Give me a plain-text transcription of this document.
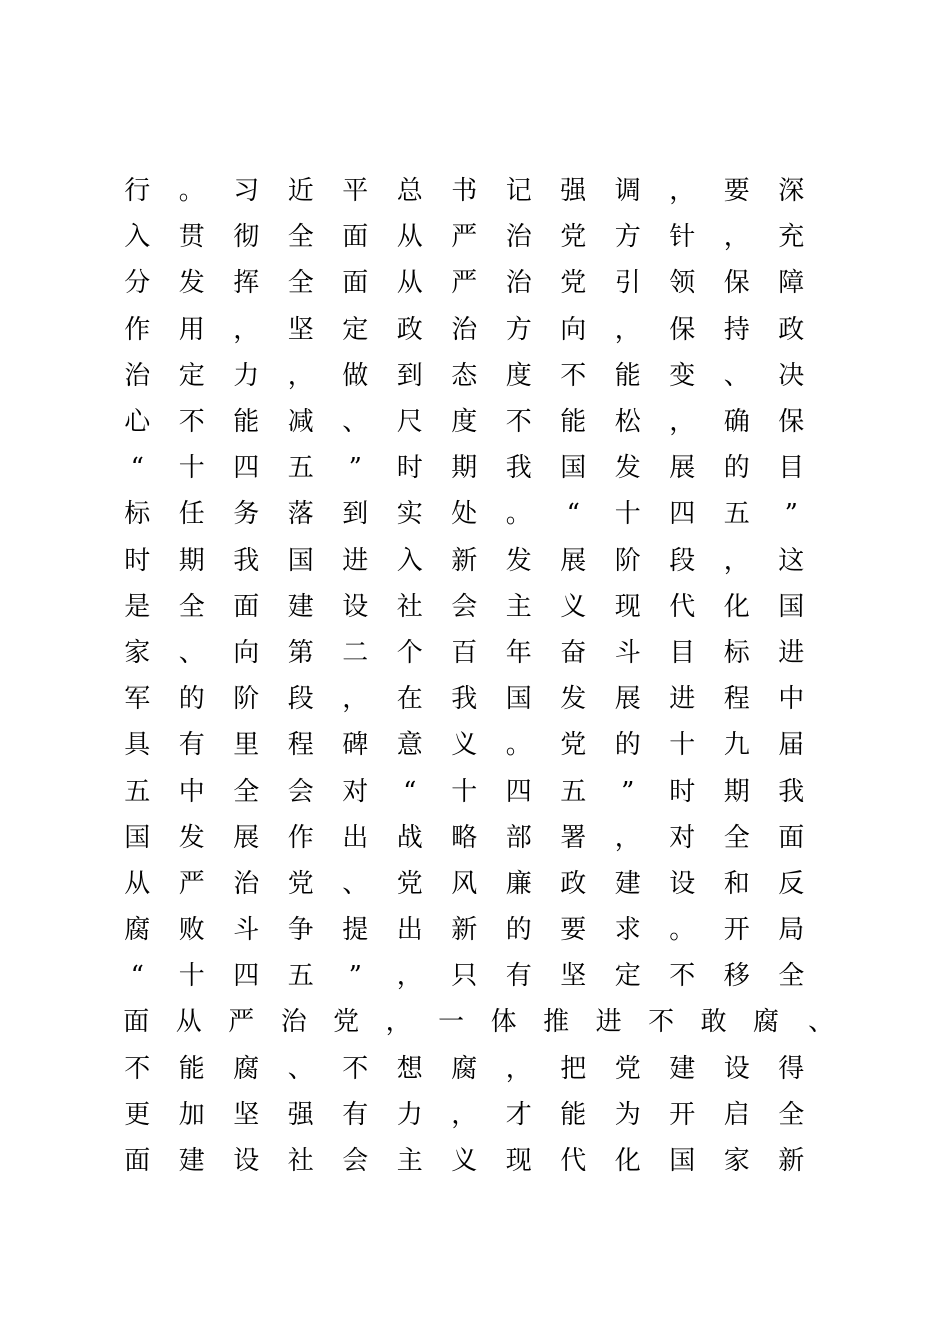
行	。	习	近	平	总	书	记	强	调	，	要	深
入	贯	彻	全	面	从	严	治	党	方	针	，	充
分	发	挥	全	面	从	严	治	党	引	领	保	障
作	用	，	坚	定	政	治	方	向	，	保	持	政
治	定	力	，	做	到	态	度	不	能	变	、	决
心	不	能	减	、	尺	度	不	能	松	，	确	保
“	十	四	五	”	时	期	我	国	发	展	的	目
标	任	务	落	到	实	处	。	“	十	四	五	”
时	期	我	国	进	入	新	发	展	阶	段	，	这
是	全	面	建	设	社	会	主	义	现	代	化	国
家	、	向	第	二	个	百	年	奋	斗	目	标	进
军	的	阶	段	，	在	我	国	发	展	进	程	中
具	有	里	程	碑	意	义	。	党	的	十	九	届
五	中	全	会	对	“	十	四	五	”	时	期	我
国	发	展	作	出	战	略	部	署	，	对	全	面
从	严	治	党	、	党	风	廉	政	建	设	和	反
腐	败	斗	争	提	出	新	的	要	求	。	开	局
“	十	四	五	”	，	只	有	坚	定	不	移	全
面	从	严	治	党	，	一	体	推	进	不	敢	腐	、
不	能	腐	、	不	想	腐	，	把	党	建	设	得
更	加	坚	强	有	力	，	才	能	为	开	启	全
面	建	设	社	会	主	义	现	代	化	国	家	新
